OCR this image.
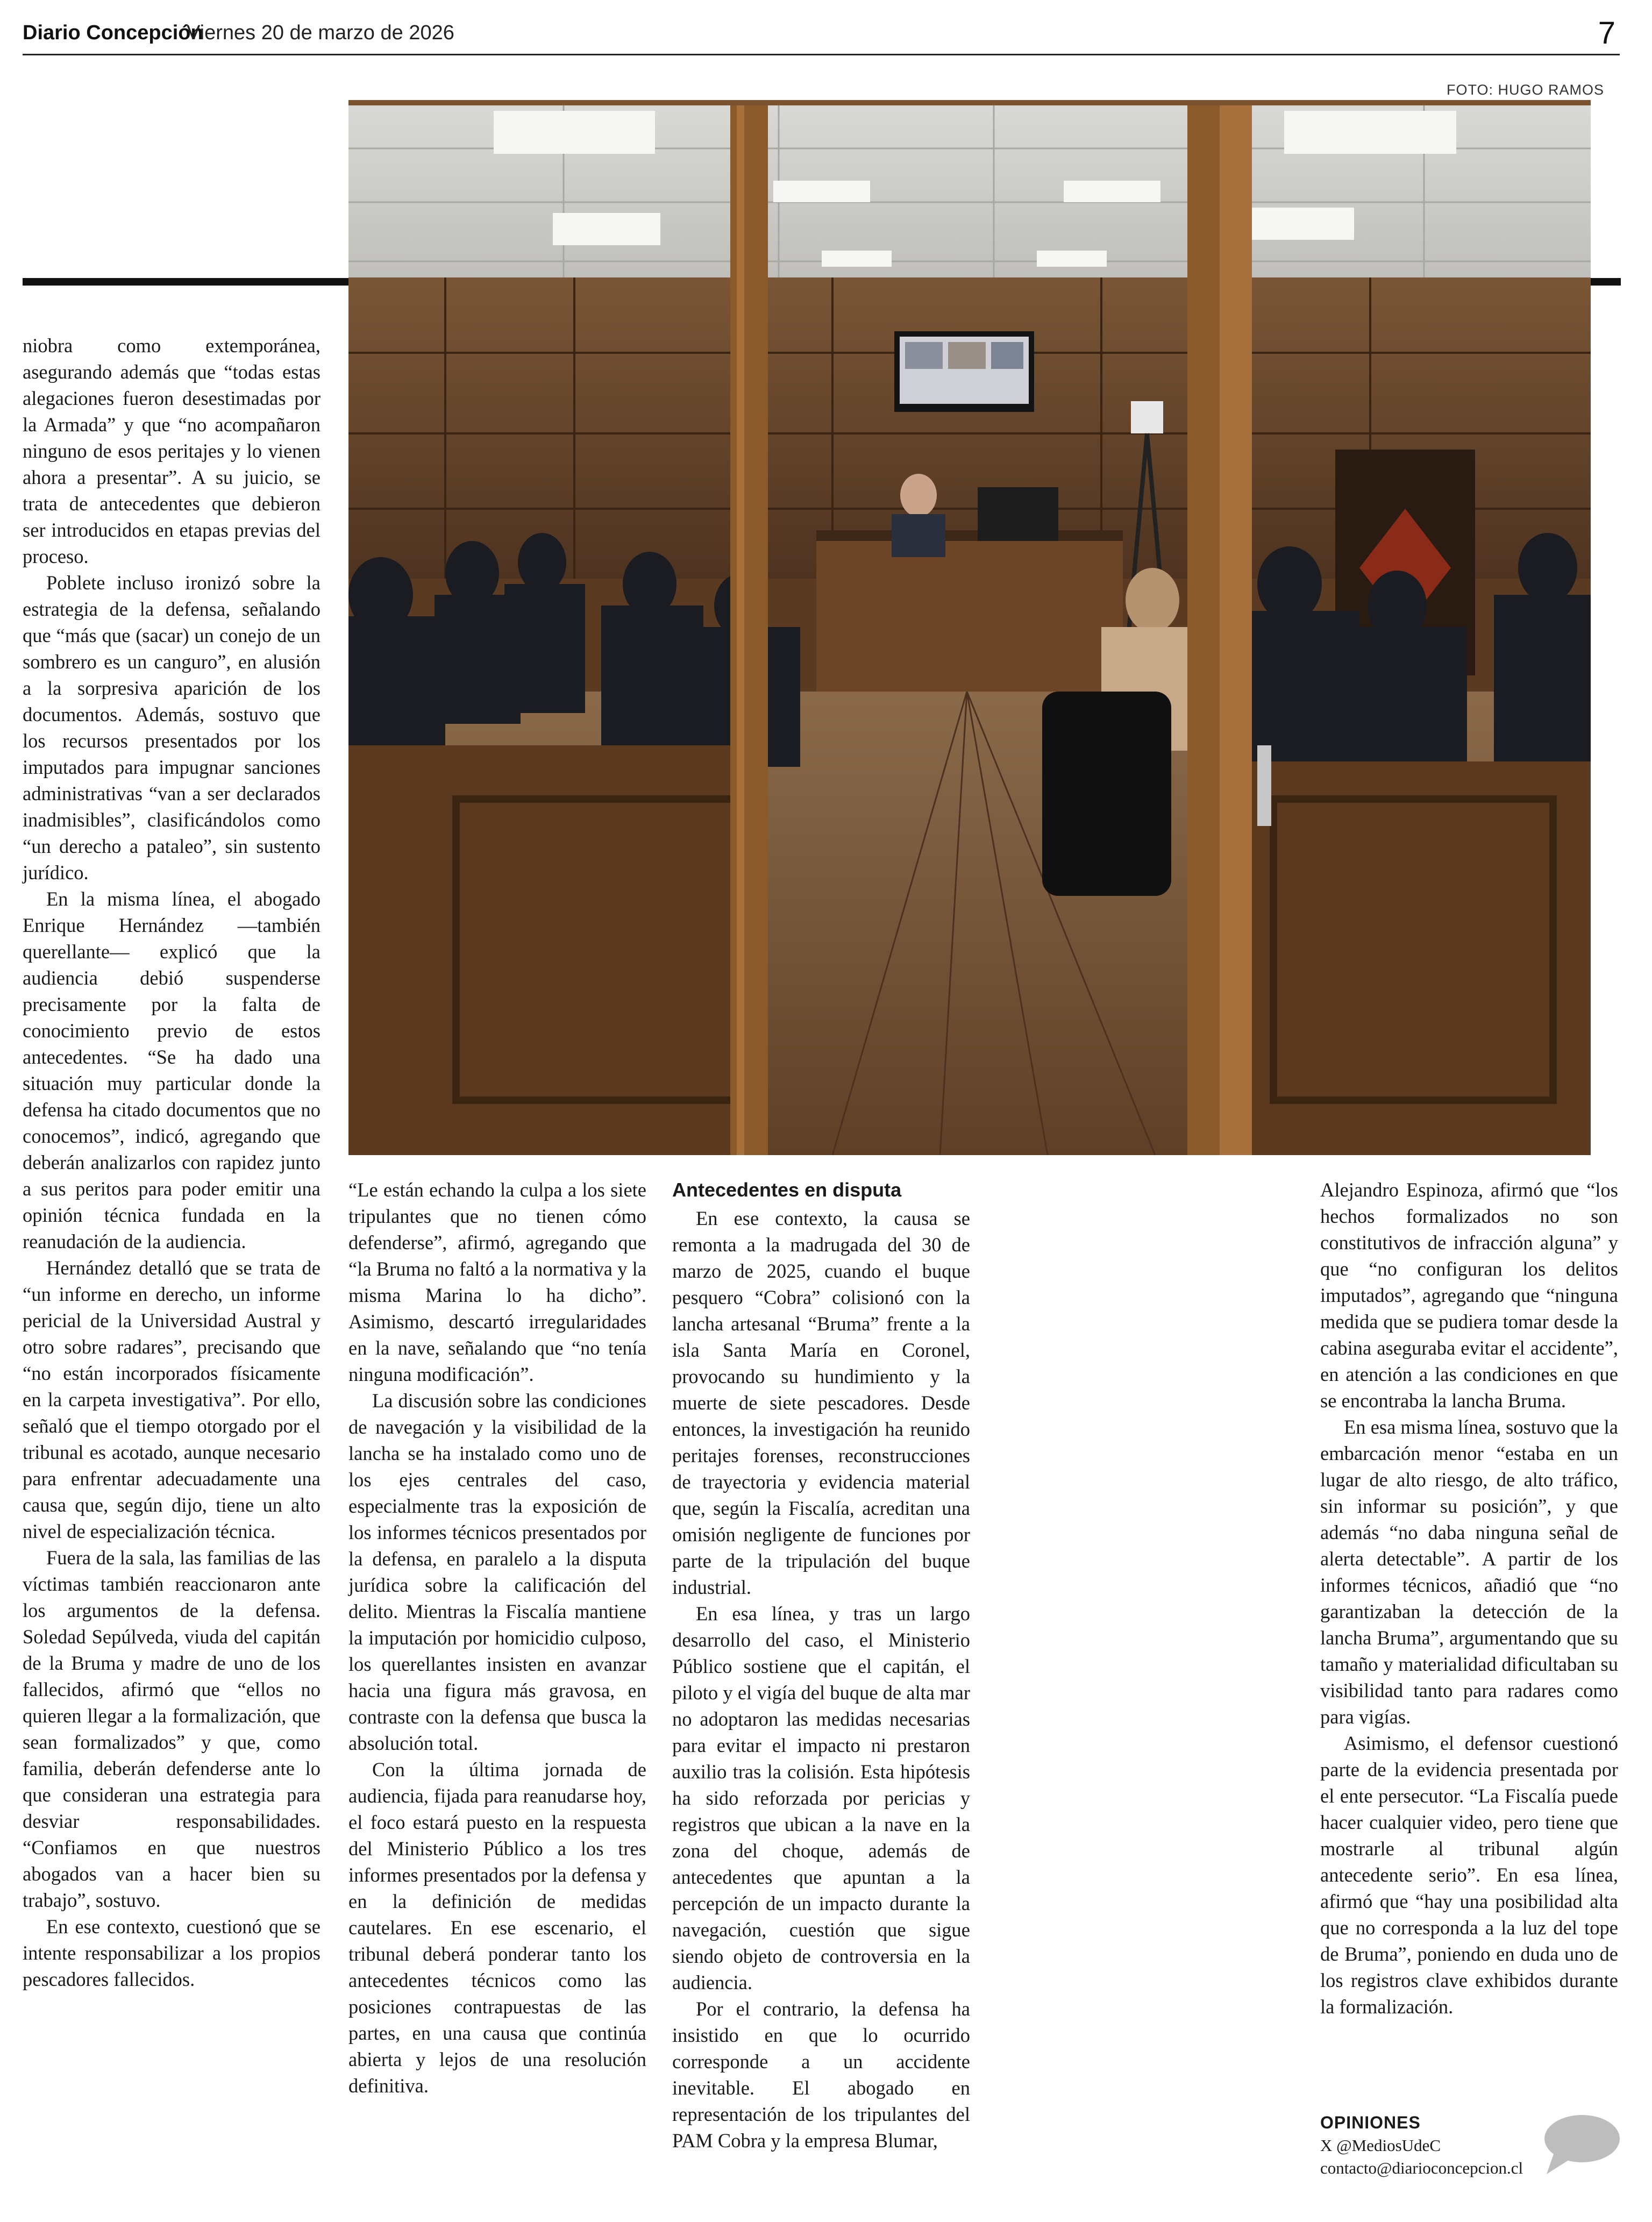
Diario Concepción
Viernes 20 de marzo de 2026	7
FOTO: HUGO RAMOS

niobra como extemporánea, asegurando además que “todas estas alegaciones fueron desestimadas por la Armada” y que “no acompañaron ninguno de esos peritajes y lo vienen ahora a presentar”. A su juicio, se trata de antecedentes que debieron ser introducidos en etapas previas del proceso.

Poblete incluso ironizó sobre la estrategia de la defensa, señalando que “más que (sacar) un conejo de un sombrero es un canguro”, en alusión a la sorpresiva aparición de los documentos. Además, sostuvo que los recursos presentados por los imputados para impugnar sanciones administrativas “van a ser declarados inadmisibles”, clasificándolos como “un derecho a pataleo”, sin sustento jurídico.

En la misma línea, el abogado Enrique Hernández —también querellante— explicó que la audiencia debió suspenderse precisamente por la falta de conocimiento previo de estos antecedentes. “Se ha dado una situación muy particular donde la defensa ha citado documentos que no conocemos”, indicó, agregando que deberán analizarlos con rapidez junto a sus peritos para poder emitir una opinión técnica fundada en la reanudación de la audiencia.

Hernández detalló que se trata de “un informe en derecho, un informe pericial de la Universidad Austral y otro sobre radares”, precisando que “no están incorporados físicamente en la carpeta investigativa”. Por ello, señaló que el tiempo otorgado por el tribunal es acotado, aunque necesario para enfrentar adecuadamente una causa que, según dijo, tiene un alto nivel de especialización técnica.

Fuera de la sala, las familias de las víctimas también reaccionaron ante los argumentos de la defensa. Soledad Sepúlveda, viuda del capitán de la Bruma y madre de uno de los fallecidos, afirmó que “ellos no quieren llegar a la formalización, que sean formalizados” y que, como familia, deberán defenderse ante lo que consideran una estrategia para desviar responsabilidades. “Confiamos en que nuestros abogados van a hacer bien su trabajo”, sostuvo.

En ese contexto, cuestionó que se intente responsabilizar a los propios pescadores fallecidos.

“Le están echando la culpa a los siete tripulantes que no tienen cómo defenderse”, afirmó, agregando que “la Bruma no faltó a la normativa y la misma Marina lo ha dicho”. Asimismo, descartó irregularidades en la nave, señalando que “no tenía ninguna modificación”.

La discusión sobre las condiciones de navegación y la visibilidad de la lancha se ha instalado como uno de los ejes centrales del caso, especialmente tras la exposición de los informes técnicos presentados por la defensa, en paralelo a la disputa jurídica sobre la calificación del delito. Mientras la Fiscalía mantiene la imputación por homicidio culposo, los querellantes insisten en avanzar hacia una figura más gravosa, en contraste con la defensa que busca la absolución total.

Con la última jornada de audiencia, fijada para reanudarse hoy, el foco estará puesto en la respuesta del Ministerio Público a los tres informes presentados por la defensa y en la definición de medidas cautelares. En ese escenario, el tribunal deberá ponderar tanto los antecedentes técnicos como las posiciones contrapuestas de las partes, en una causa que continúa abierta y lejos de una resolución definitiva.

Antecedentes en disputa

En ese contexto, la causa se remonta a la madrugada del 30 de marzo de 2025, cuando el buque pesquero “Cobra” colisionó con la lancha artesanal “Bruma” frente a la isla Santa María en Coronel, provocando su hundimiento y la muerte de siete pescadores. Desde entonces, la investigación ha reunido peritajes forenses, reconstrucciones de trayectoria y evidencia material que, según la Fiscalía, acreditan una omisión negligente de funciones por parte de la tripulación del buque industrial.

En esa línea, y tras un largo desarrollo del caso, el Ministerio Público sostiene que el capitán, el piloto y el vigía del buque de alta mar no adoptaron las medidas necesarias para evitar el impacto ni prestaron auxilio tras la colisión. Esta hipótesis ha sido reforzada por pericias y registros que ubican a la nave en la zona del choque, además de antecedentes que apuntan a la percepción de un impacto durante la navegación, cuestión que sigue siendo objeto de controversia en la audiencia.

Por el contrario, la defensa ha insistido en que lo ocurrido corresponde a un accidente inevitable. El abogado en representación de los tripulantes del PAM Cobra y la empresa Blumar,

Alejandro Espinoza, afirmó que “los hechos formalizados no son constitutivos de infracción alguna” y que “no configuran los delitos imputados”, agregando que “ninguna medida que se pudiera tomar desde la cabina aseguraba evitar el accidente”, en atención a las condiciones en que se encontraba la lancha Bruma.

En esa misma línea, sostuvo que la embarcación menor “estaba en un lugar de alto riesgo, de alto tráfico, sin informar su posición”, y que además “no daba ninguna señal de alerta detectable”. A partir de los informes técnicos, añadió que “no garantizaban la detección de la lancha Bruma”, argumentando que su tamaño y materialidad dificultaban su visibilidad tanto para radares como para vigías.

Asimismo, el defensor cuestionó parte de la evidencia presentada por el ente persecutor. “La Fiscalía puede hacer cualquier video, pero tiene que mostrarle al tribunal algún antecedente serio”. En esa línea, afirmó que “hay una posibilidad alta que no corresponda a la luz del tope de Bruma”, poniendo en duda uno de los registros clave exhibidos durante la formalización.

OPINIONES
X @MediosUdeC
contacto@diarioconcepcion.cl
